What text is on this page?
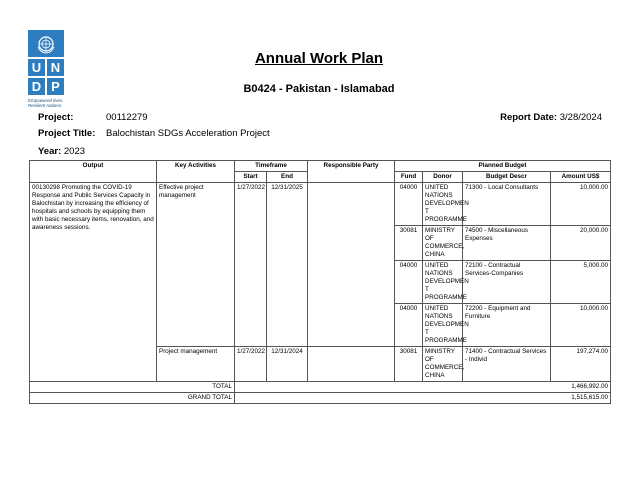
U N
D P
Empowered lives.
Resilient nations.
Annual Work Plan
B0424 - Pakistan - Islamabad
Project:	00112279	Report Date: 3/28/2024
Project Title: Balochistan SDGs Acceleration Project
Year: 2023
Output	Key Activities	Timeframe		Responsible Party	Planned Budget			
		Start	End		Fund	Donor	Budget Descr	Amount US$
00130298 Promoting the COVID-19 Response and Public Services Capacity in Balochistan by increasing the efficiency of hospitals and schools by equipping them with basic necessary items, renovation, and awareness sessions.	Effective project management	1/27/2022	12/31/2025		04000	UNITED NATIONS DEVELOPMEN T PROGRAMME	71300 - Local Consultants	10,000.00
					30081	MINISTRY OF COMMERCE, CHINA	74500 - Miscellaneous Expenses	20,000.00
					04000	UNITED NATIONS DEVELOPMEN T PROGRAMME	72100 - Contractual Services-Companies	5,000.00
					04000	UNITED NATIONS DEVELOPMEN T PROGRAMME	72200 - Equipment and Furniture	10,000.00
	Project management	1/27/2022	12/31/2024		30081	MINISTRY OF COMMERCE, CHINA	71400 - Contractual Services - Individ	197,274.00
TOTAL		1,466,992.00						
GRAND TOTAL		1,515,615.00						
